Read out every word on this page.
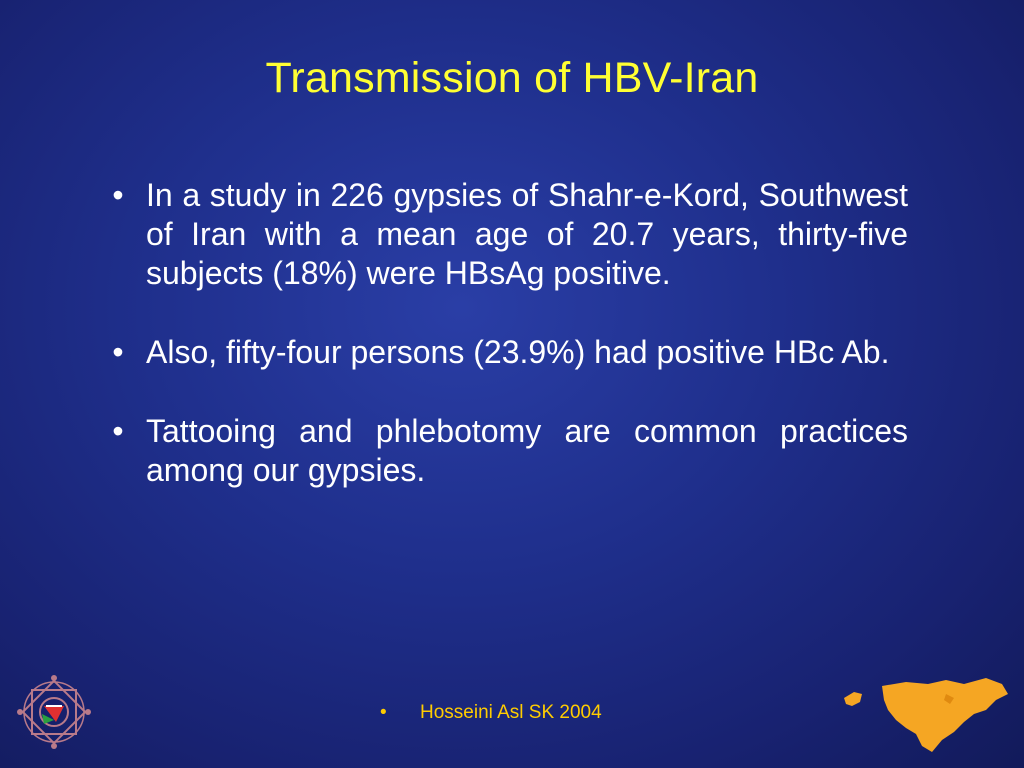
Transmission of HBV-Iran
• In a study in 226 gypsies of Shahr-e-Kord, Southwest of Iran with a mean age of 20.7 years, thirty-five subjects (18%) were HBsAg positive.
• Also, fifty-four persons (23.9%) had positive HBc Ab.
• Tattooing and phlebotomy are common practices among our gypsies.
• Hosseini Asl SK 2004
